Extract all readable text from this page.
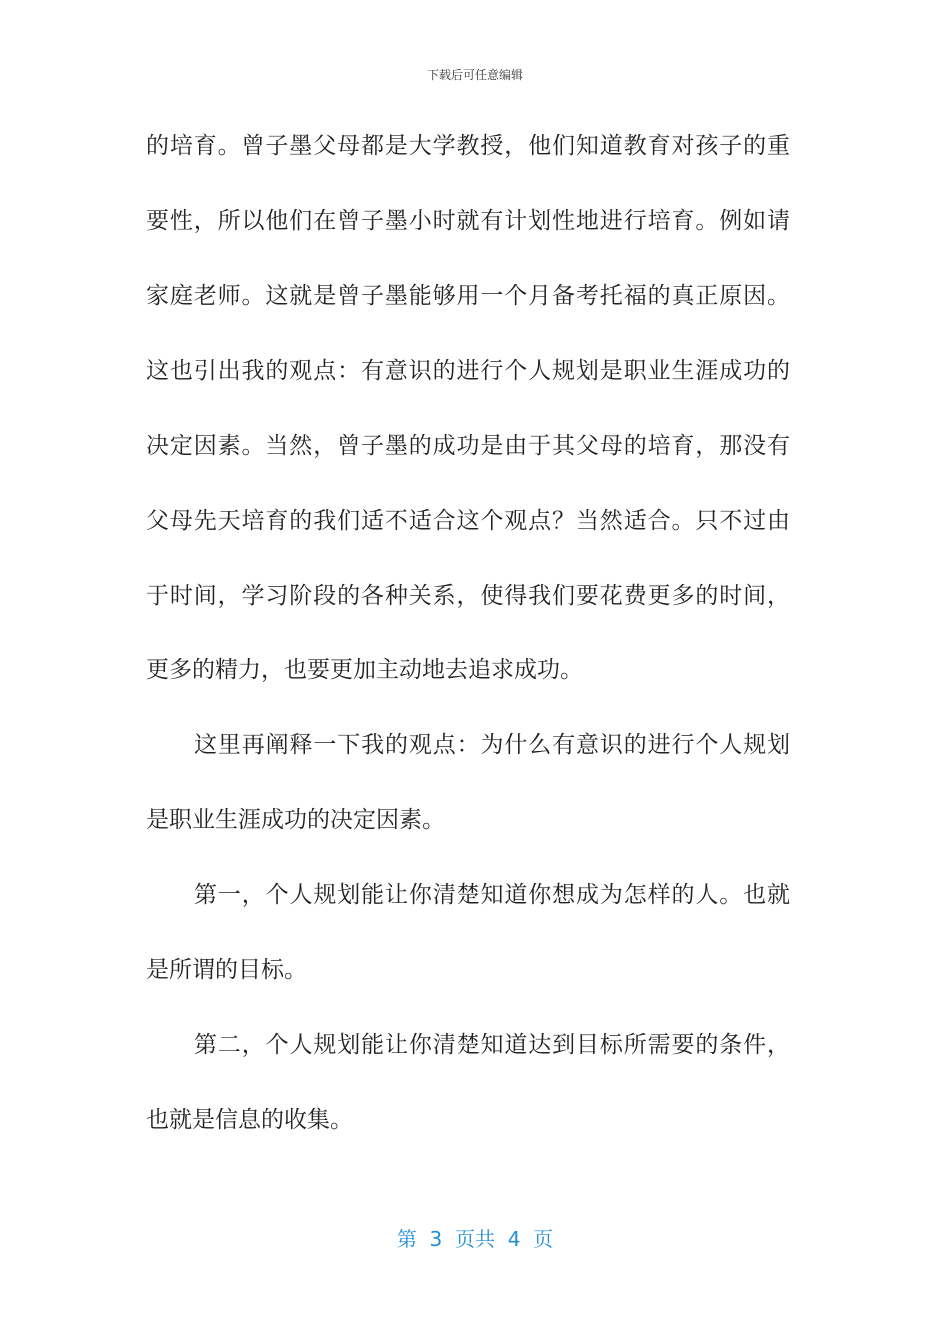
下载后可任意编辑
的培育。曾子墨父母都是大学教授，他们知道教育对孩子的重
要性，所以他们在曾子墨小时就有计划性地进行培育。例如请
家庭老师。这就是曾子墨能够用一个月备考托福的真正原因。
这也引出我的观点：有意识的进行个人规划是职业生涯成功的
决定因素。当然，曾子墨的成功是由于其父母的培育，那没有
父母先天培育的我们适不适合这个观点？当然适合。只不过由
于时间，学习阶段的各种关系，使得我们要花费更多的时间，
更多的精力，也要更加主动地去追求成功。
这里再阐释一下我的观点：为什么有意识的进行个人规划
是职业生涯成功的决定因素。
第一，个人规划能让你清楚知道你想成为怎样的人。也就
是所谓的目标。
第二，个人规划能让你清楚知道达到目标所需要的条件，
也就是信息的收集。
第  3  页共  4  页
